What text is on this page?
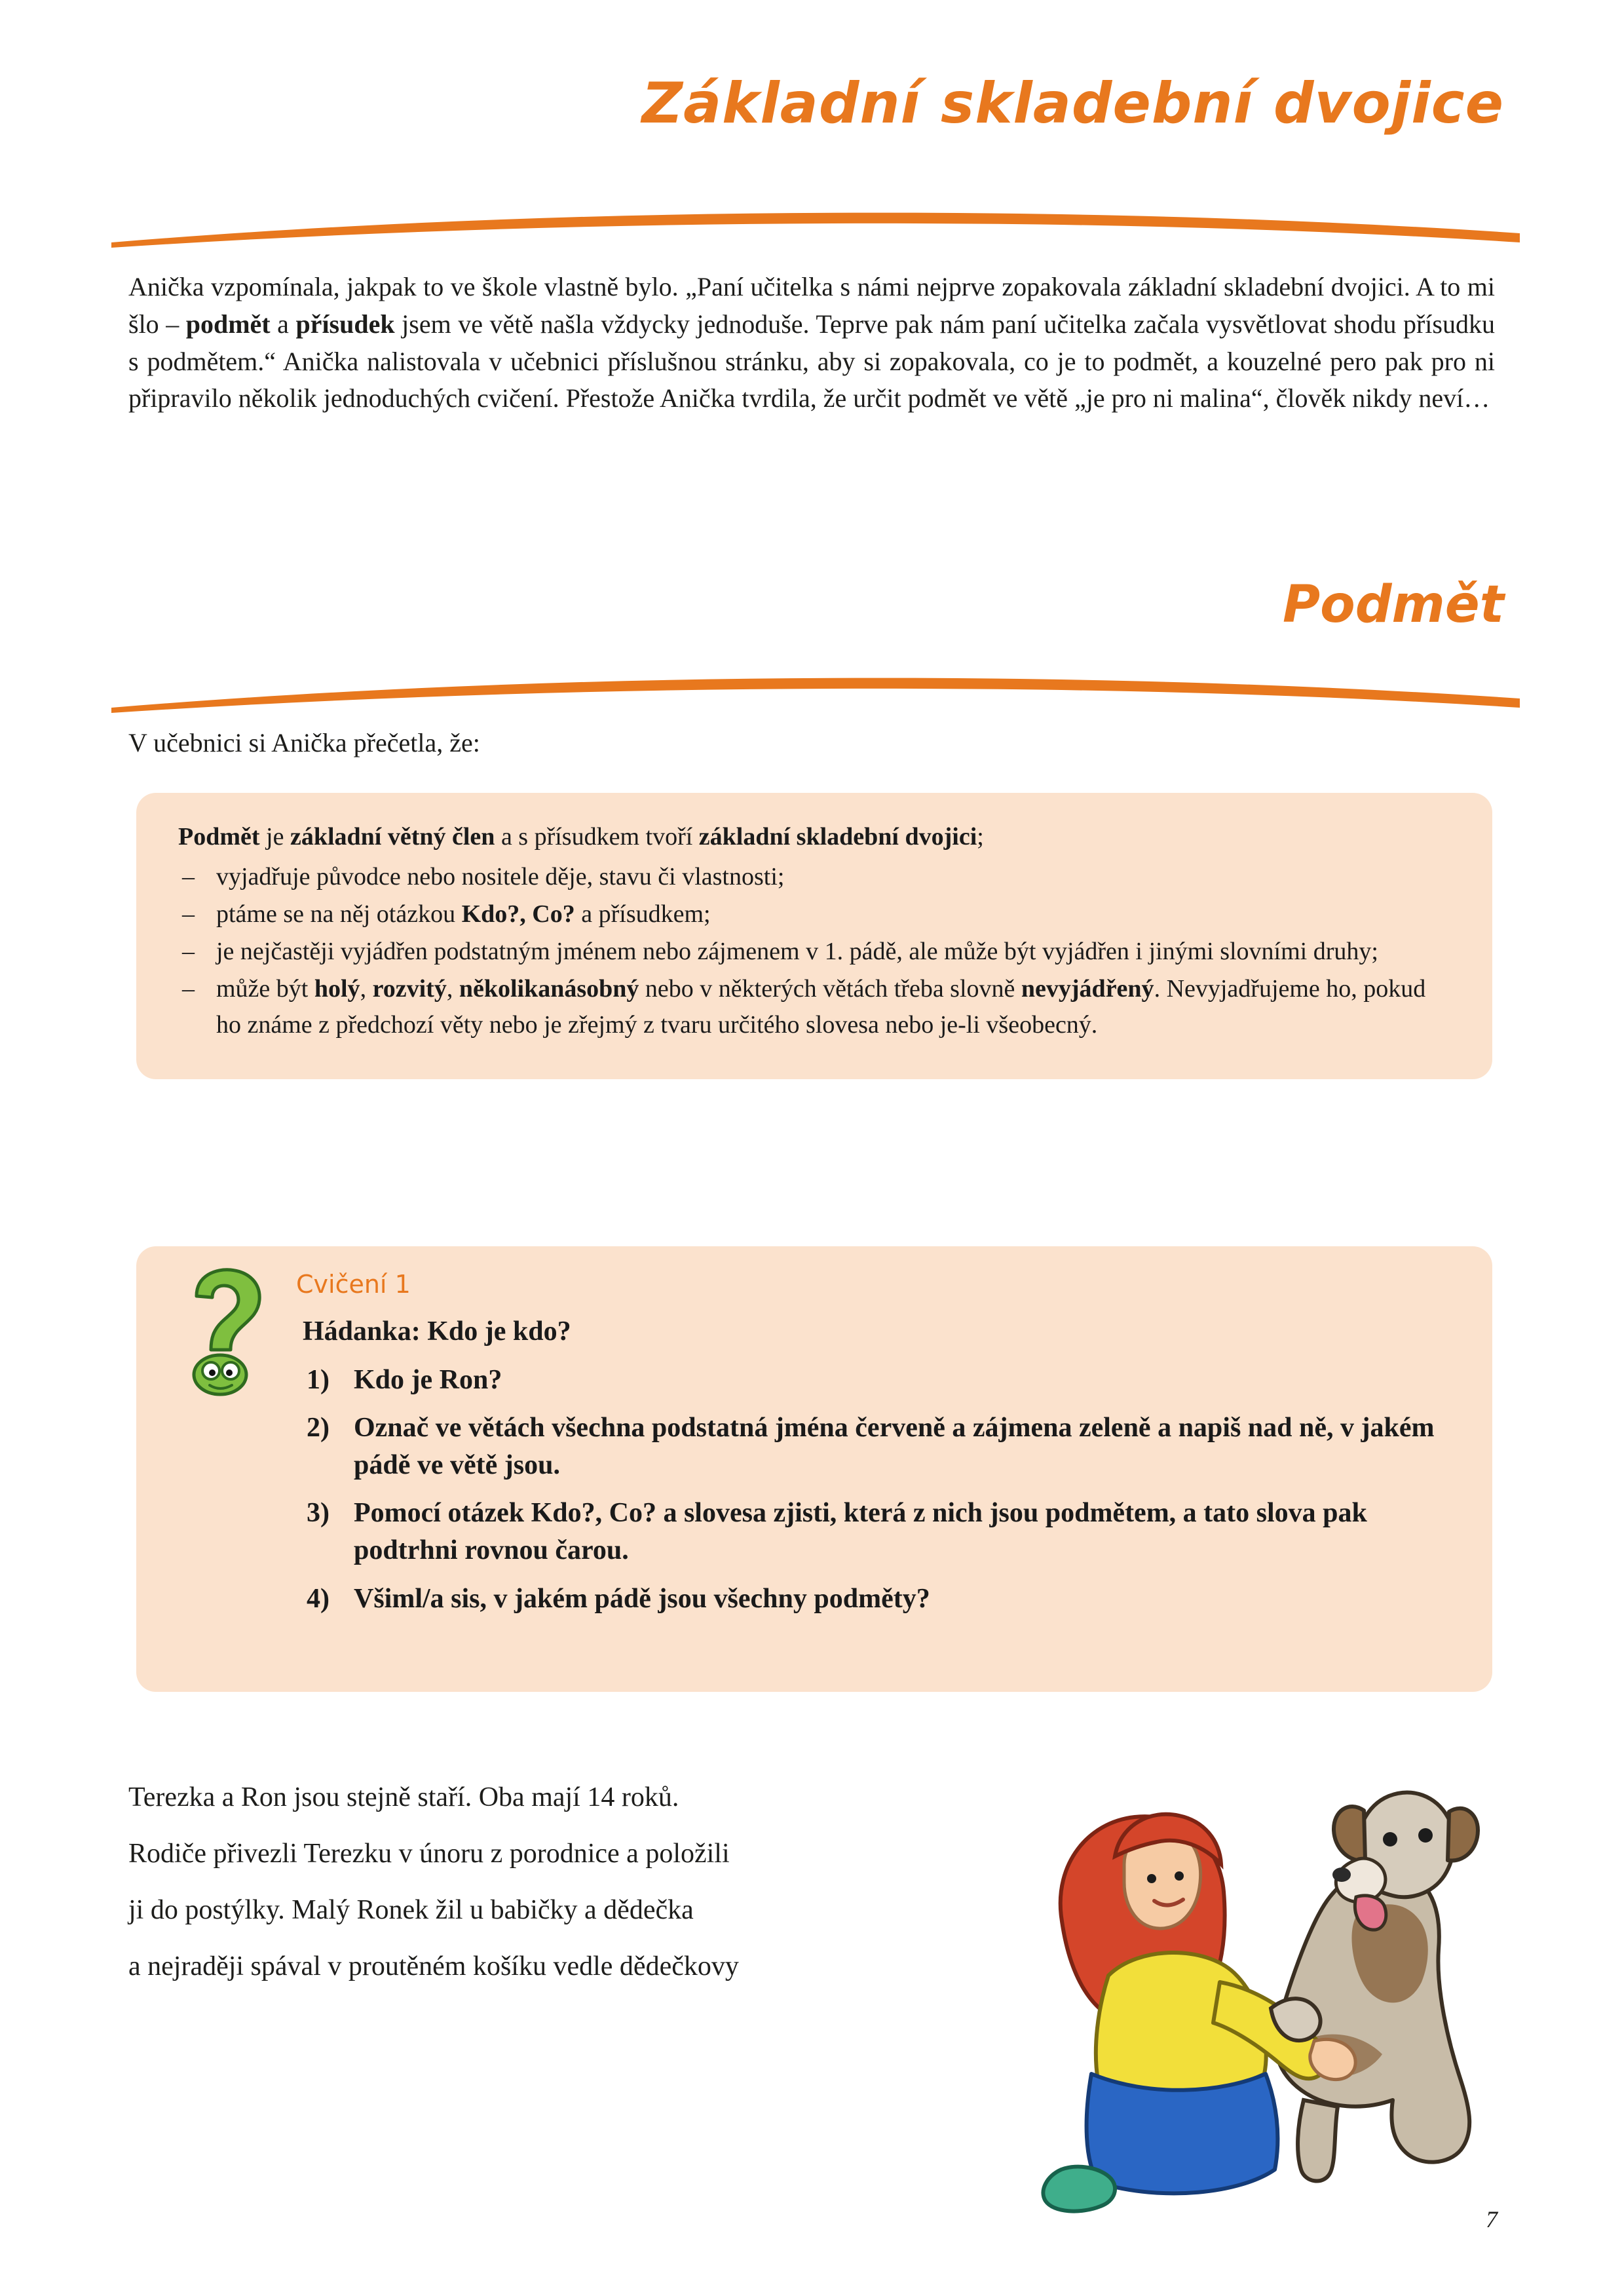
Základní skladební dvojice
Anička vzpomínala, jakpak to ve škole vlastně bylo. „Paní učitelka s námi nejprve zopakovala základní skladební dvojici. A to mi šlo – podmět a přísudek jsem ve větě našla vždycky jednoduše. Teprve pak nám paní učitelka začala vysvětlovat shodu přísudku s podmětem.“ Anička nalistovala v učebnici příslušnou stránku, aby si zopakovala, co je to podmět, a kouzelné pero pak pro ni připravilo několik jednoduchých cvičení. Přestože Anička tvrdila, že určit podmět ve větě „je pro ni malina“, člověk nikdy neví…
Podmět
V učebnici si Anička přečetla, že:
Podmět je základní větný člen a s přísudkem tvoří základní skladební dvojici;
– vyjadřuje původce nebo nositele děje, stavu či vlastnosti;
– ptáme se na něj otázkou Kdo?, Co? a přísudkem;
– je nejčastěji vyjádřen podstatným jménem nebo zájmenem v 1. pádě, ale může být vyjádřen i jinými slovními druhy;
– může být holý, rozvitý, několikanásobný nebo v některých větách třeba slovně nevyjádřený. Nevyjadřujeme ho, pokud ho známe z předchozí věty nebo je zřejmý z tvaru určitého slovesa nebo je-li všeobecný.
Cvičení 1
Hádanka: Kdo je kdo?
1) Kdo je Ron?
2) Označ ve větách všechna podstatná jména červeně a zájmena zeleně a napiš nad ně, v jakém pádě ve větě jsou.
3) Pomocí otázek Kdo?, Co? a slovesa zjisti, která z nich jsou podmětem, a tato slova pak podtrhni rovnou čarou.
4) Všiml/a sis, v jakém pádě jsou všechny podměty?
Terezka a Ron jsou stejně staří. Oba mají 14 roků.
Rodiče přivezli Terezku v únoru z porodnice a položili
ji do postýlky. Malý Ronek žil u babičky a dědečka
a nejraději spával v proutěném košíku vedle dědečkovy
7
